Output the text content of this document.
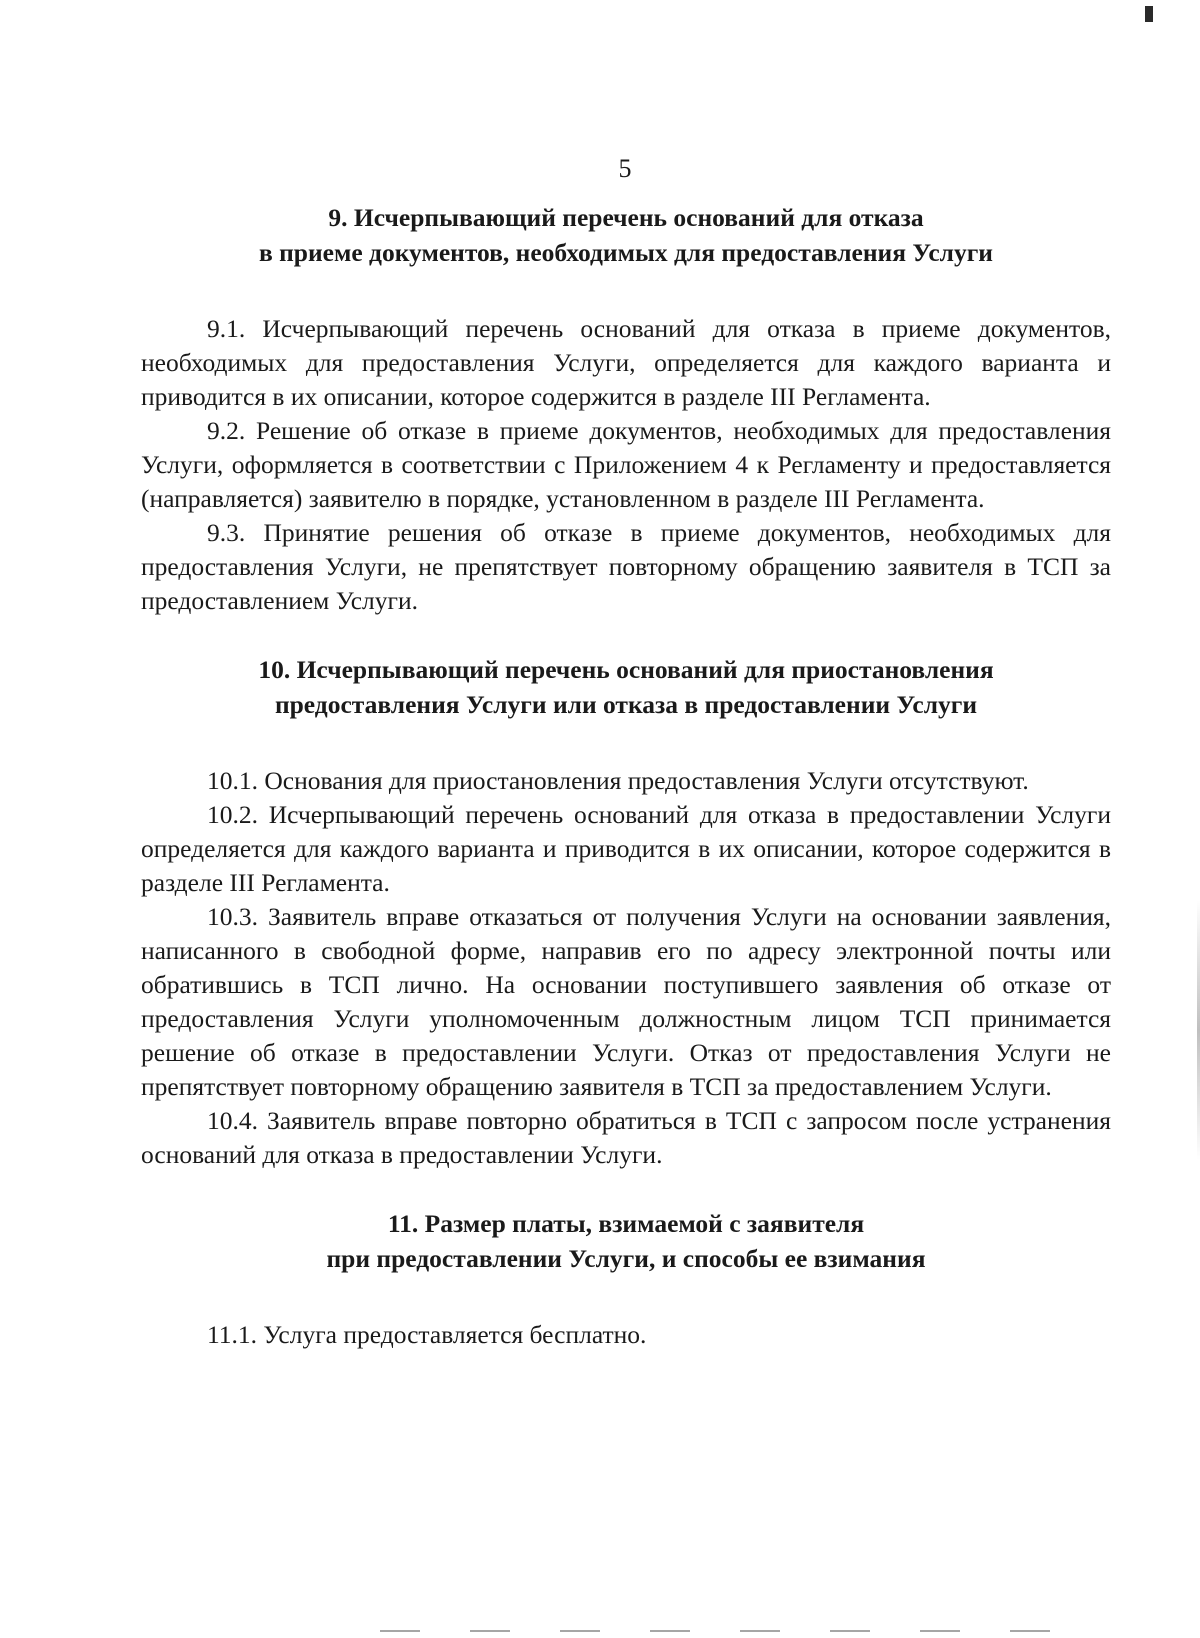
5
9. Исчерпывающий перечень оснований для отказа
в приеме документов, необходимых для предоставления Услуги

9.1. Исчерпывающий перечень оснований для отказа в приеме документов, необходимых для предоставления Услуги, определяется для каждого варианта и приводится в их описании, которое содержится в разделе III Регламента.

9.2. Решение об отказе в приеме документов, необходимых для предоставления Услуги, оформляется в соответствии с Приложением 4 к Регламенту и предоставляется (направляется) заявителю в порядке, установленном в разделе III Регламента.

9.3. Принятие решения об отказе в приеме документов, необходимых для предоставления Услуги, не препятствует повторному обращению заявителя в ТСП за предоставлением Услуги.

10. Исчерпывающий перечень оснований для приостановления
предоставления Услуги или отказа в предоставлении Услуги

10.1. Основания для приостановления предоставления Услуги отсутствуют.

10.2. Исчерпывающий перечень оснований для отказа в предоставлении Услуги определяется для каждого варианта и приводится в их описании, которое содержится в разделе III Регламента.

10.3. Заявитель вправе отказаться от получения Услуги на основании заявления, написанного в свободной форме, направив его по адресу электронной почты или обратившись в ТСП лично. На основании поступившего заявления об отказе от предоставления Услуги уполномоченным должностным лицом ТСП принимается решение об отказе в предоставлении Услуги. Отказ от предоставления Услуги не препятствует повторному обращению заявителя в ТСП за предоставлением Услуги.

10.4. Заявитель вправе повторно обратиться в ТСП с запросом после устранения оснований для отказа в предоставлении Услуги.

11. Размер платы, взимаемой с заявителя
при предоставлении Услуги, и способы ее взимания

11.1. Услуга предоставляется бесплатно.
